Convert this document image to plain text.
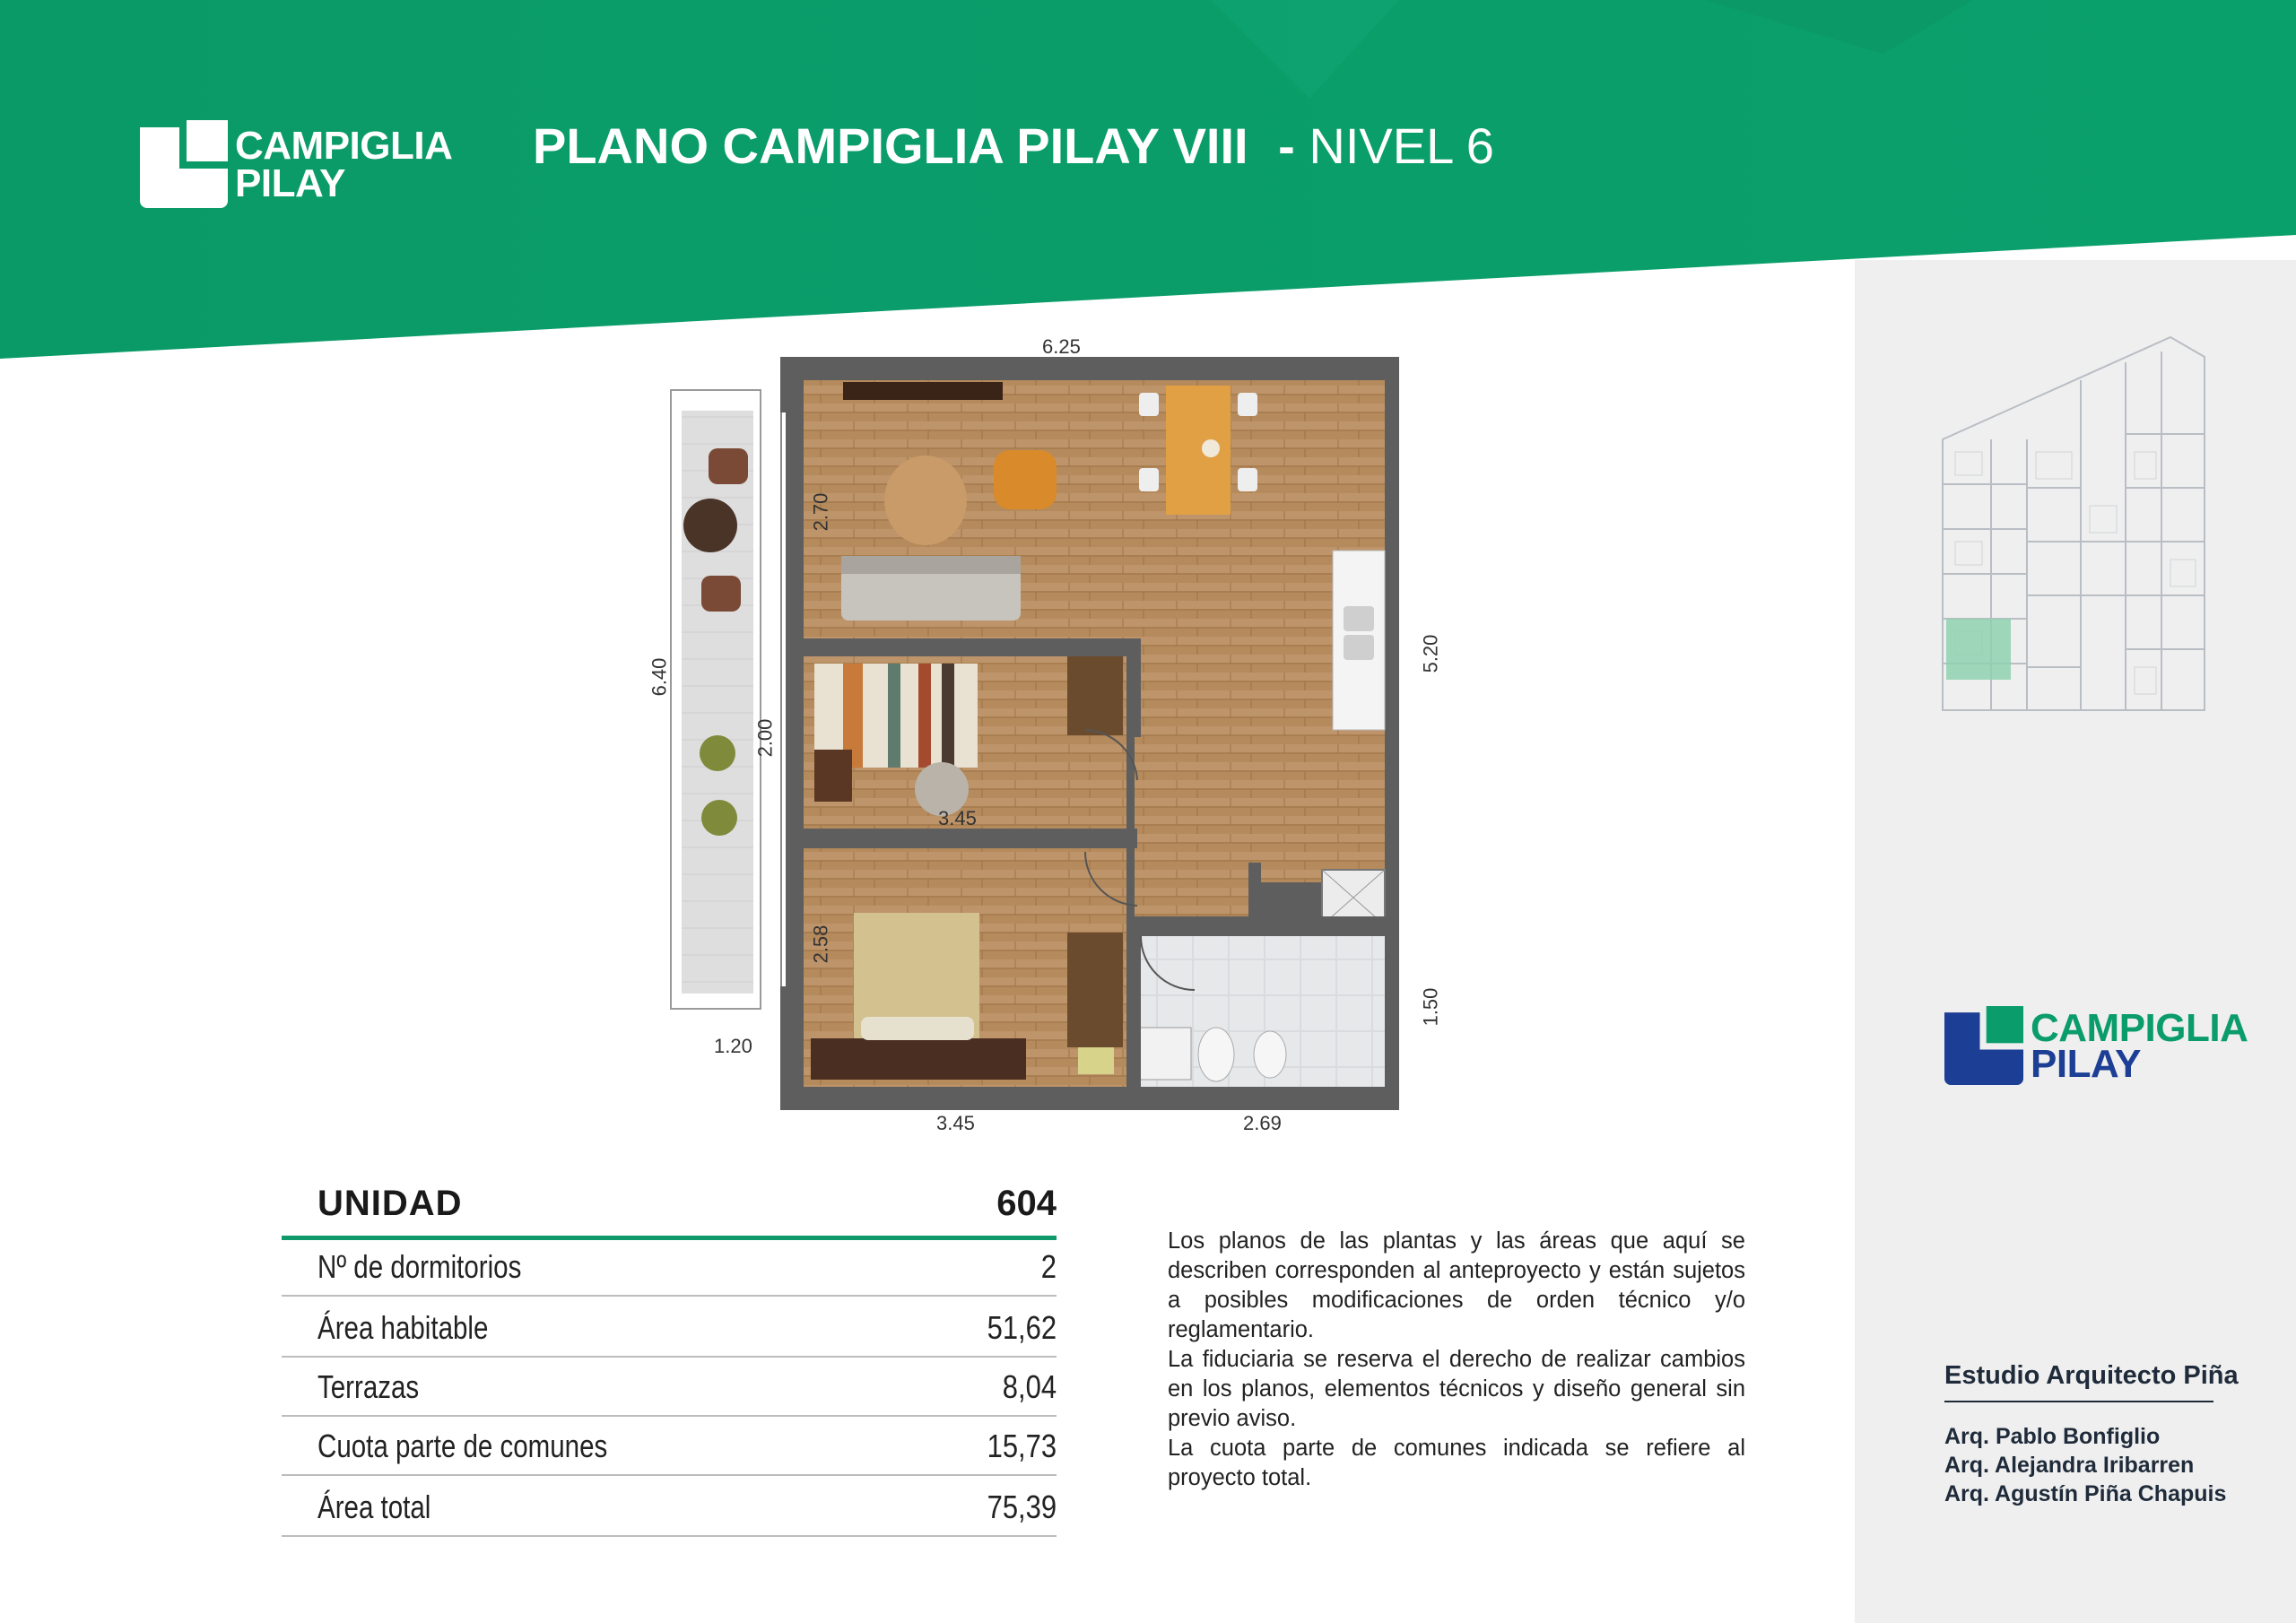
CAMPIGLIA
PILAY
PLANO CAMPIGLIA PILAY VIII - NIVEL 6
6.25
6.40
2.70
2.00
3.45
2.58
1.20
3.45	2.69
5.20
1.50	CAMPIGLIA
PILAY
UNIDAD	604
Nº de dormitorios	2
Área habitable	51,62
Terrazas	8,04
Cuota parte de comunes	15,73
Área total	75,39

Los planos de las plantas y las áreas que aquí se describen corresponden al anteproyecto y están sujetos a posibles modificaciones de orden técnico y/o reglamentario.

La fiduciaria se reserva el derecho de realizar cambios en los planos, elementos técnicos y diseño general sin previo aviso.

La cuota parte de comunes indicada se refiere al proyecto total.

Estudio Arquitecto Piña
Arq. Pablo Bonfiglio
Arq. Alejandra Iribarren
Arq. Agustín Piña Chapuis
